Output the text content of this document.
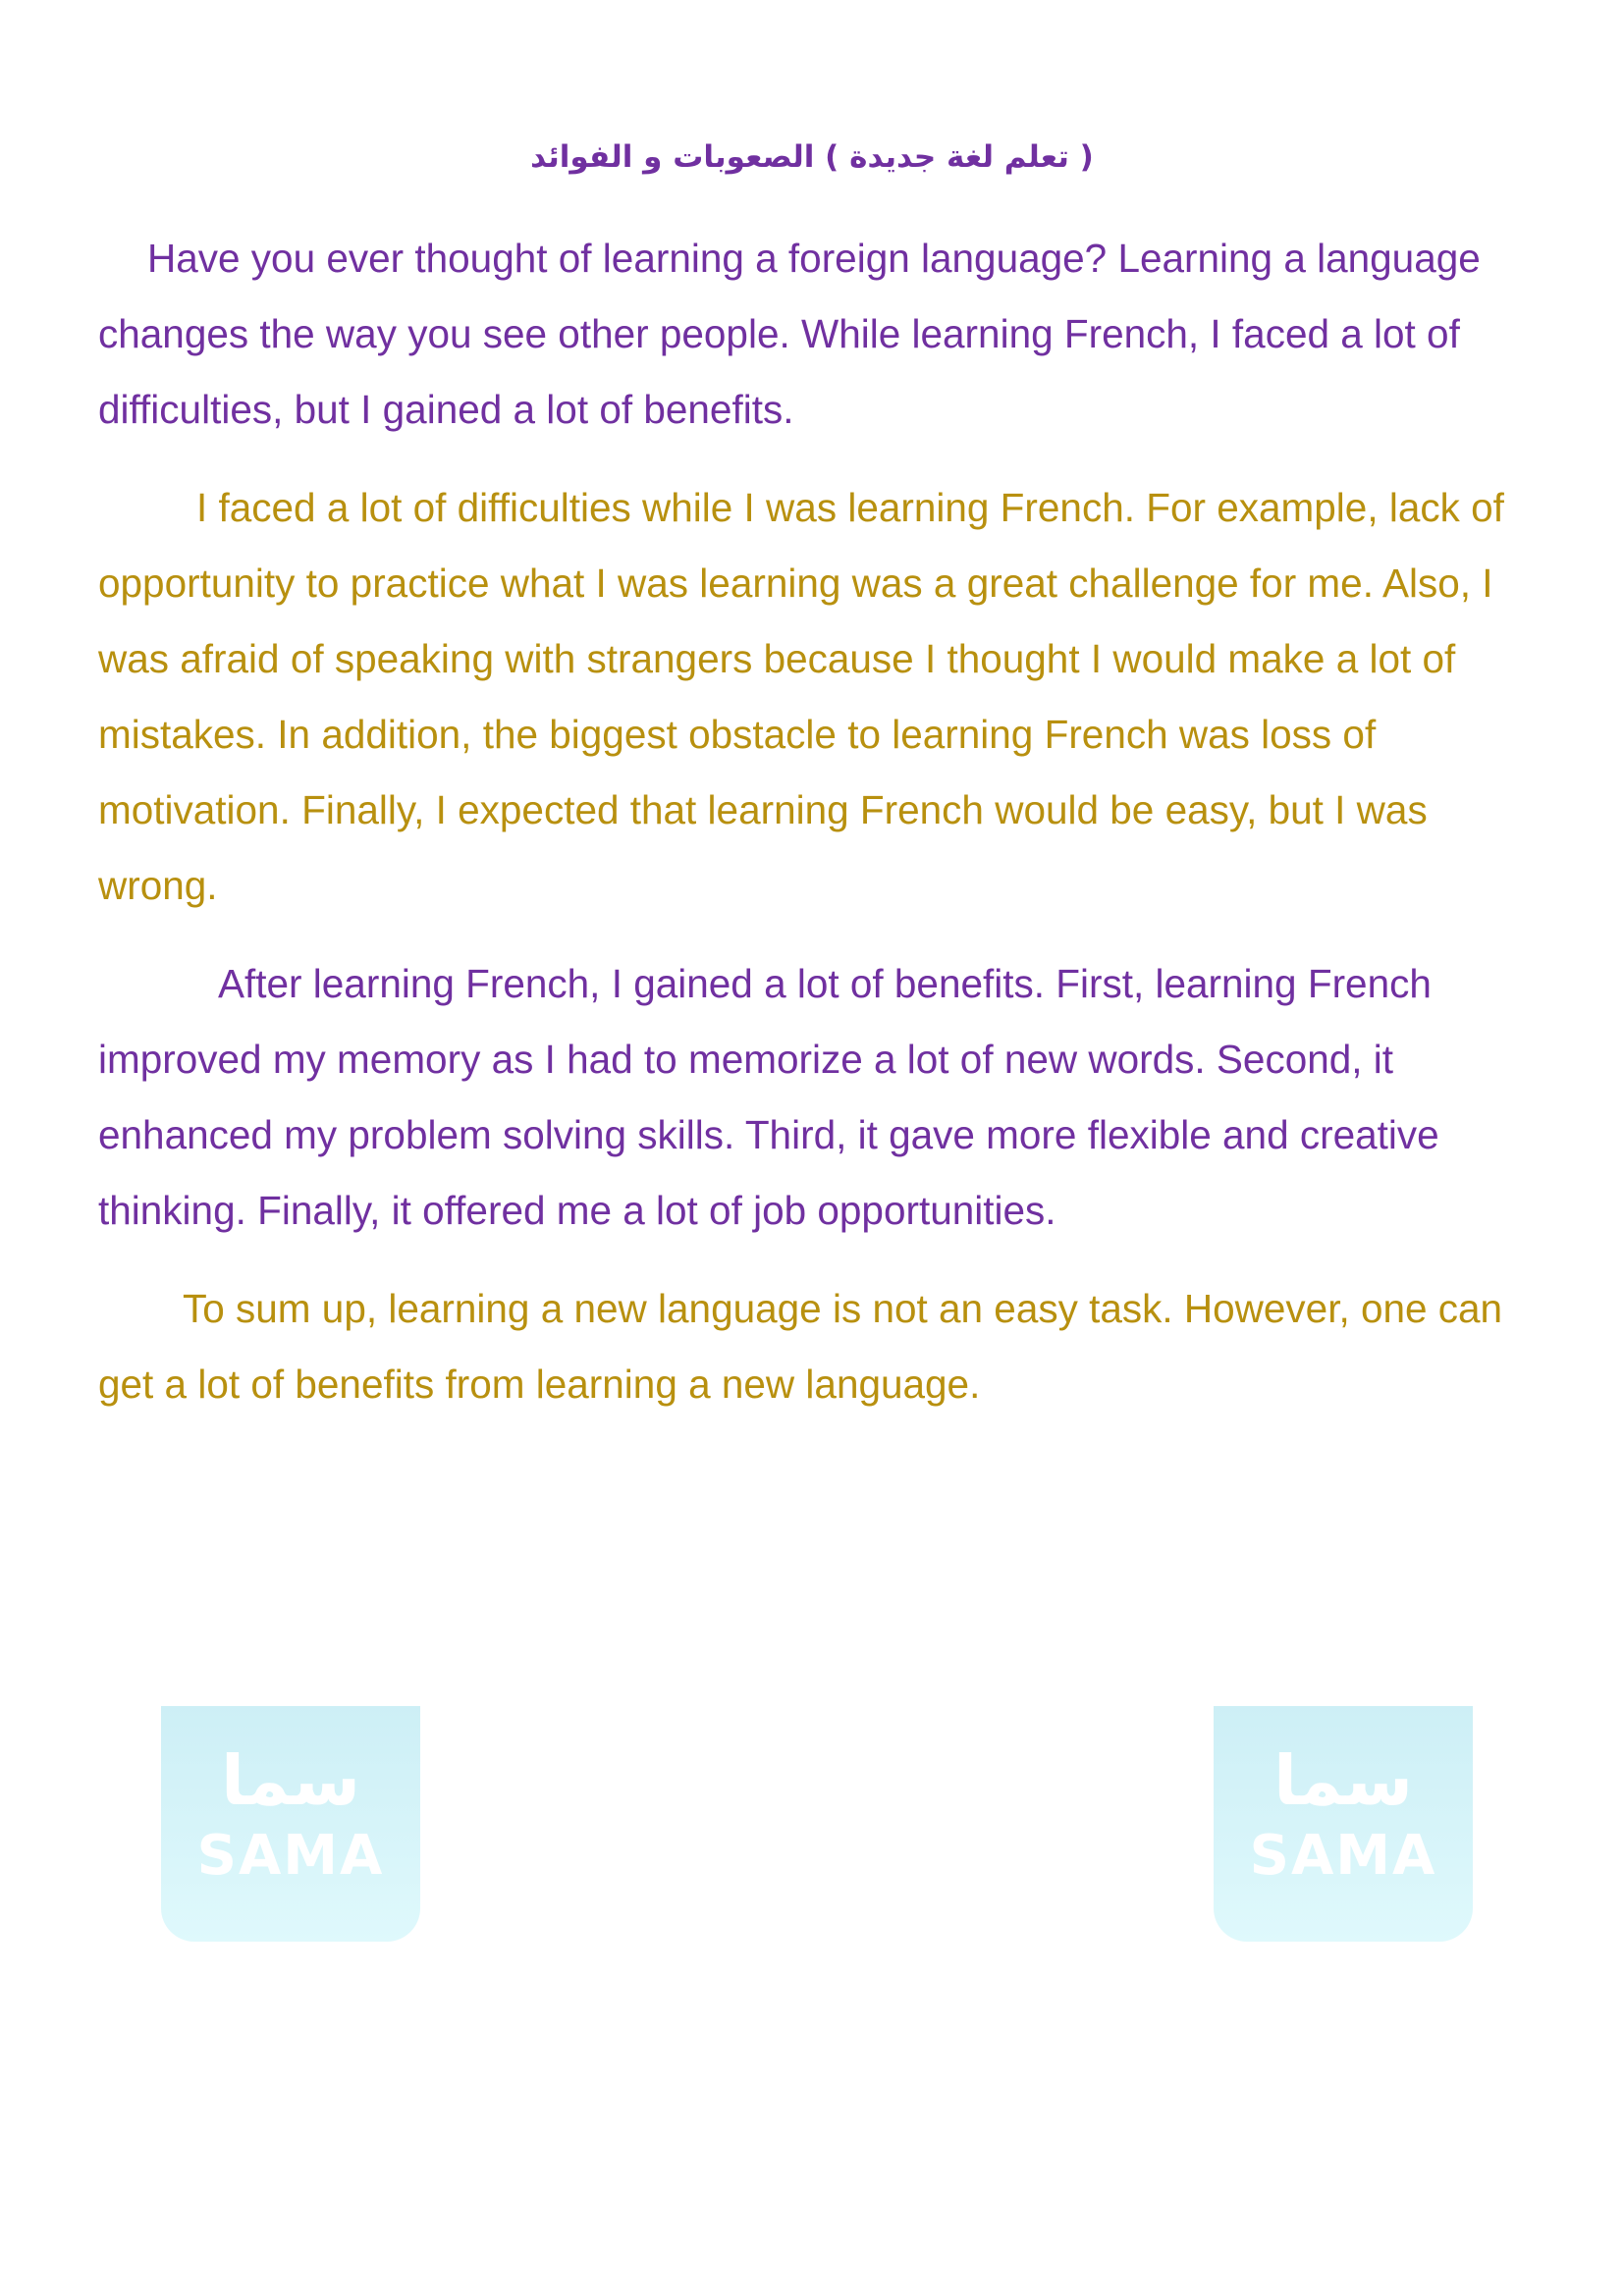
( تعلم لغة جديدة ) الصعوبات و الفوائد

Have you ever thought of learning a foreign language? Learning a language changes the way you see other people. While learning French, I faced a lot of difficulties, but I gained a lot of benefits.

I faced a lot of difficulties while I was learning French. For example, lack of opportunity to practice what I was learning was a great challenge for me. Also, I was afraid of speaking with strangers because I thought I would make a lot of mistakes. In addition, the biggest obstacle to learning French was loss of motivation. Finally, I expected that learning French would be easy, but I was wrong.

After learning French, I gained a lot of benefits. First, learning French improved my memory as I had to memorize a lot of new words. Second, it enhanced my problem solving skills. Third, it gave more flexible and creative thinking. Finally, it offered me a lot of job opportunities.

To sum up, learning a new language is not an easy task. However, one can get a lot of benefits from learning a new language.

سما
SAMA
سما
SAMA
